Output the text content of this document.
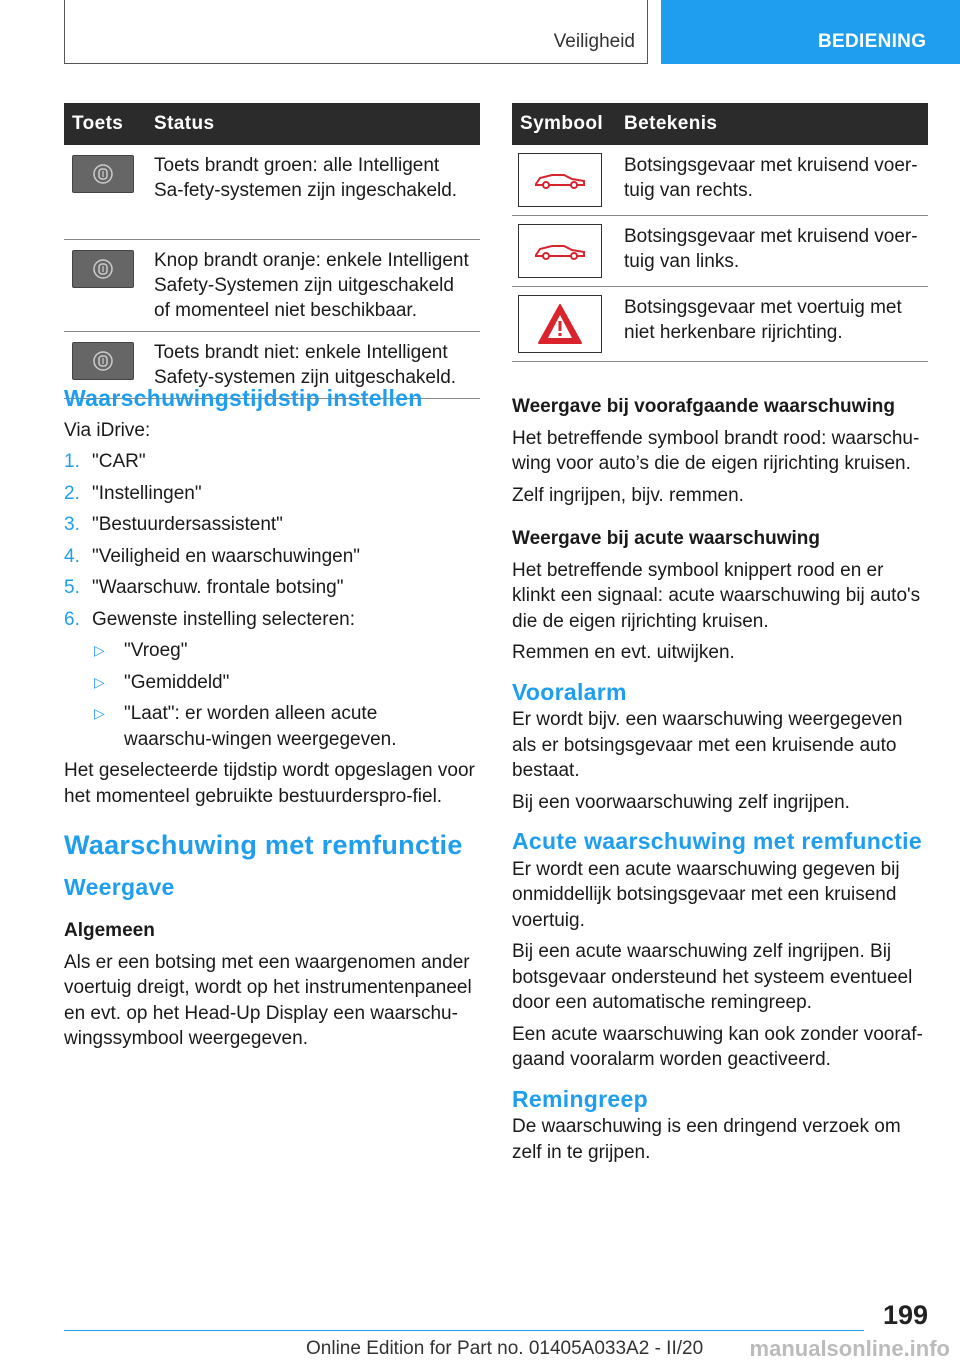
Veiligheid	BEDIENING
Toets	Status

	Toets brandt groen: alle Intelligent Sa-fety-systemen zijn ingeschakeld.

	Knop brandt oranje: enkele Intelligent Safety-Systemen zijn uitgeschakeld of momenteel niet beschikbaar.

	Toets brandt niet: enkele Intelligent Safety-systemen zijn uitgeschakeld.
Symbool	Betekenis

	Botsingsgevaar met kruisend voer-tuig van rechts.

	Botsingsgevaar met kruisend voer-tuig van links.

	Botsingsgevaar met voertuig met niet herkenbare rijrichting.

Waarschuwingstijdstip instellen

Via iDrive:

1. "CAR"
2. "Instellingen"
3. "Bestuurdersassistent"
4. "Veiligheid en waarschuwingen"
5. "Waarschuw. frontale botsing"
6. Gewenste instelling selecteren:
▷	"Vroeg"
▷	"Gemiddeld"
▷	"Laat": er worden alleen acute waarschu-wingen weergegeven.

Het geselecteerde tijdstip wordt opgeslagen voor het momenteel gebruikte bestuurderspro-fiel.

Waarschuwing met remfunctie

Weergave

Algemeen

Als er een botsing met een waargenomen ander voertuig dreigt, wordt op het instrumentenpaneel en evt. op het Head-Up Display een waarschu-wingssymbool weergegeven.

Weergave bij voorafgaande waarschuwing

Het betreffende symbool brandt rood: waarschu-wing voor auto’s die de eigen rijrichting kruisen.

Zelf ingrijpen, bijv. remmen.

Weergave bij acute waarschuwing

Het betreffende symbool knippert rood en er klinkt een signaal: acute waarschuwing bij auto's die de eigen rijrichting kruisen.

Remmen en evt. uitwijken.

Vooralarm

Er wordt bijv. een waarschuwing weergegeven als er botsingsgevaar met een kruisende auto bestaat.

Bij een voorwaarschuwing zelf ingrijpen.

Acute waarschuwing met remfunctie

Er wordt een acute waarschuwing gegeven bij onmiddellijk botsingsgevaar met een kruisend voertuig.

Bij een acute waarschuwing zelf ingrijpen. Bij botsgevaar ondersteund het systeem eventueel door een automatische remingreep.

Een acute waarschuwing kan ook zonder vooraf-gaand vooralarm worden geactiveerd.

Remingreep

De waarschuwing is een dringend verzoek om zelf in te grijpen.

199
Online Edition for Part no. 01405A033A2 - II/20 manualsonline.info
